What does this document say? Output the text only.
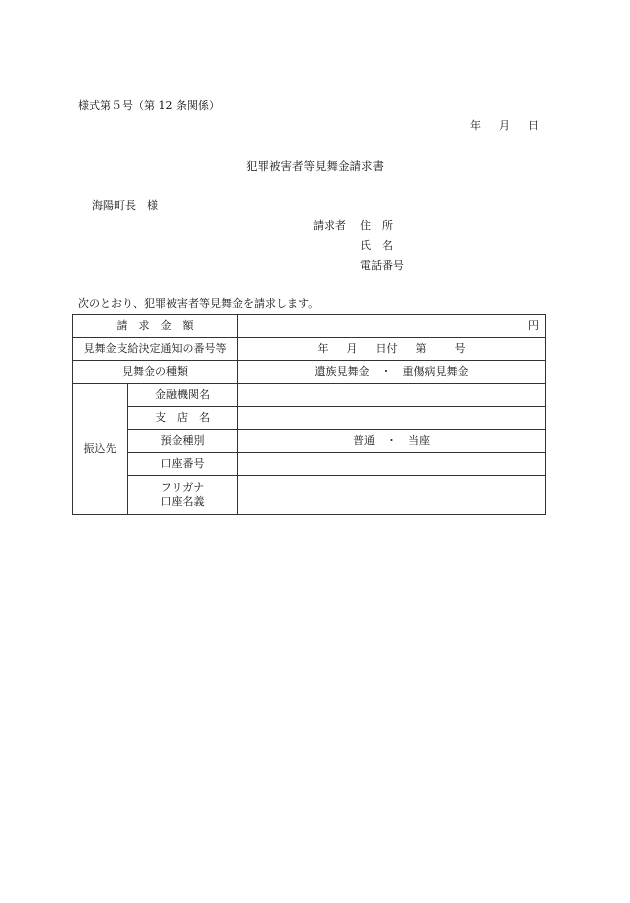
様式第５号（第 12 条関係）
年 月 日
犯罪被害者等見舞金請求書
海陽町長　様
請求者 住　所
氏　名
電話番号
次のとおり、犯罪被害者等見舞金を請求します。
請　求　金　額		円
見舞金支給決定通知の番号等		年 月 日付 第 号
見舞金の種類		遺族見舞金　・　重傷病見舞金
振込先	金融機関名	
	支　店　名	
	預金種別	普通　・　当座
	口座番号	

	フリガナ
口座名義	
